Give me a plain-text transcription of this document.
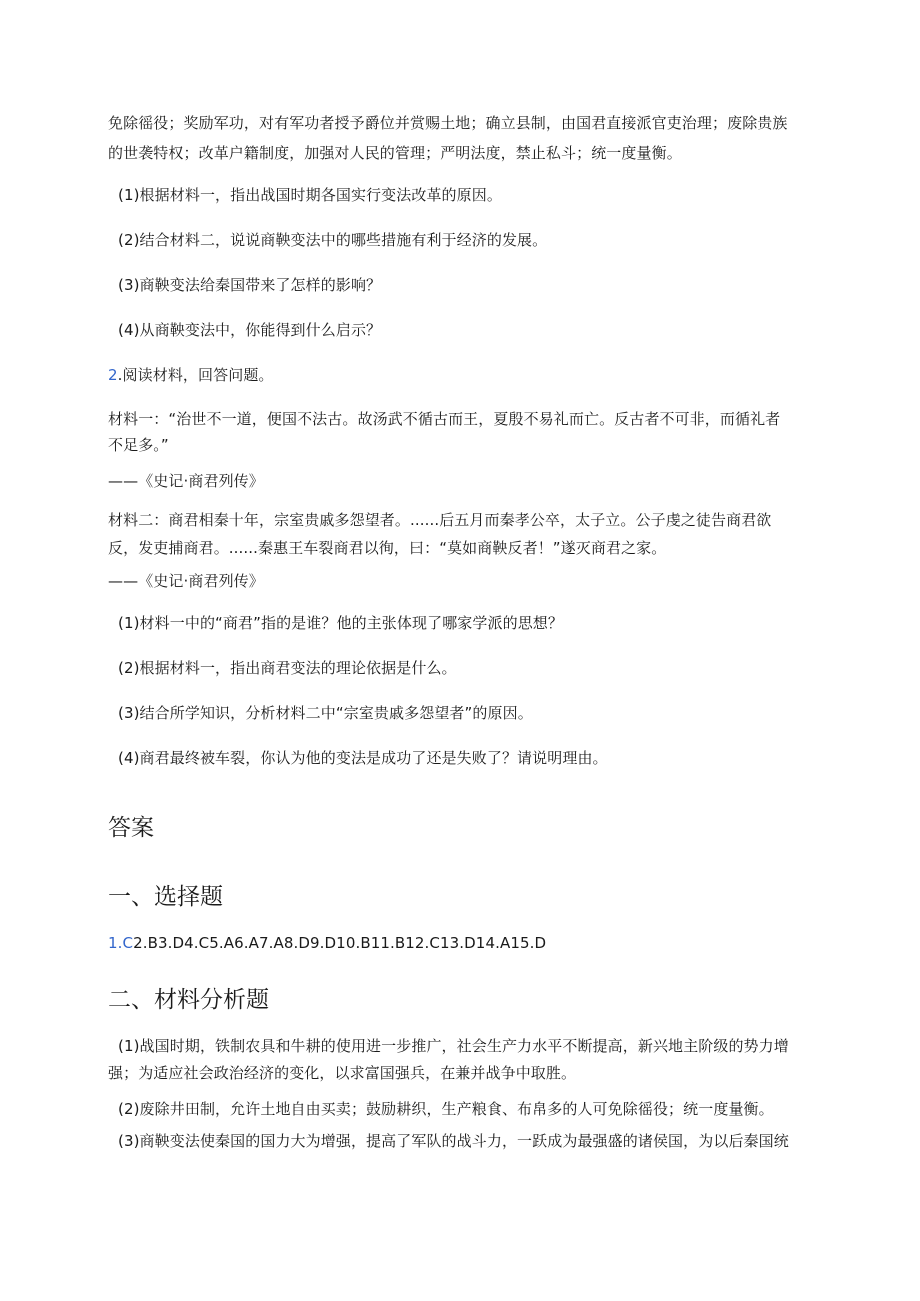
免除徭役；奖励军功，对有军功者授予爵位并赏赐土地；确立县制，由国君直接派官吏治理；废除贵族
的世袭特权；改革户籍制度，加强对人民的管理；严明法度，禁止私斗；统一度量衡。
(1)根据材料一，指出战国时期各国实行变法改革的原因。
(2)结合材料二，说说商鞅变法中的哪些措施有利于经济的发展。
(3)商鞅变法给秦国带来了怎样的影响？
(4)从商鞅变法中，你能得到什么启示？
2.阅读材料，回答问题。
材料一：“治世不一道，便国不法古。故汤武不循古而王，夏殷不易礼而亡。反古者不可非，而循礼者
不足多。”
——《史记·商君列传》
材料二：商君相秦十年，宗室贵戚多怨望者。......后五月而秦孝公卒，太子立。公子虔之徒告商君欲
反，发吏捕商君。......秦惠王车裂商君以徇，曰：“莫如商鞅反者！”遂灭商君之家。
——《史记·商君列传》
(1)材料一中的“商君”指的是谁？他的主张体现了哪家学派的思想？
(2)根据材料一，指出商君变法的理论依据是什么。
(3)结合所学知识，分析材料二中“宗室贵戚多怨望者”的原因。
(4)商君最终被车裂，你认为他的变法是成功了还是失败了？请说明理由。
答案
一、选择题
1.C2.B3.D4.C5.A6.A7.A8.D9.D10.B11.B12.C13.D14.A15.D
二、材料分析题
(1)战国时期，铁制农具和牛耕的使用进一步推广，社会生产力水平不断提高，新兴地主阶级的势力增
强；为适应社会政治经济的变化，以求富国强兵，在兼并战争中取胜。
(2)废除井田制，允许土地自由买卖；鼓励耕织，生产粮食、布帛多的人可免除徭役；统一度量衡。
(3)商鞅变法使秦国的国力大为增强，提高了军队的战斗力，一跃成为最强盛的诸侯国，为以后秦国统
